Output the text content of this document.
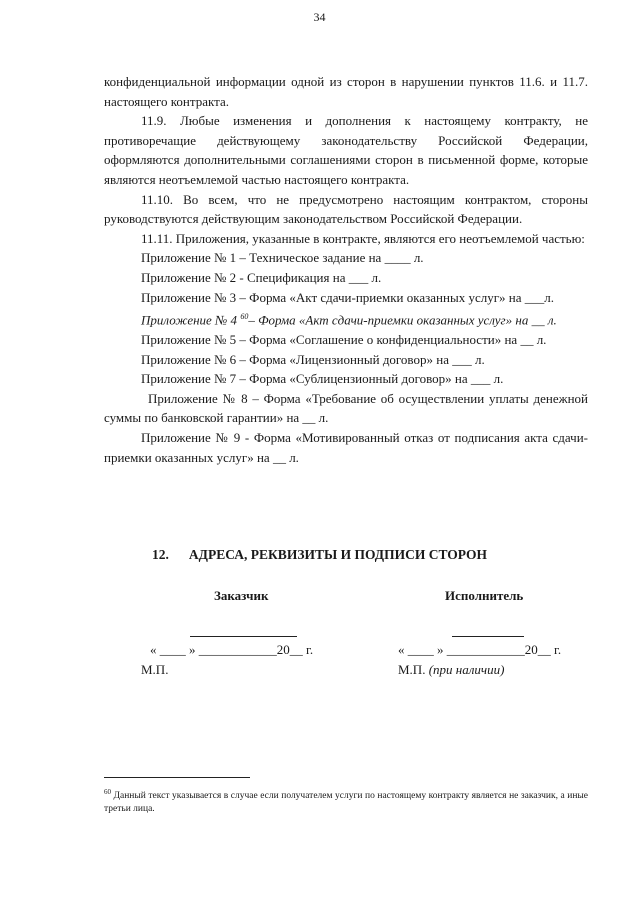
34

конфиденциальной информации одной из сторон в нарушении пунктов 11.6. и 11.7. настоящего контракта.

11.9. Любые изменения и дополнения к настоящему контракту, не противоречащие действующему законодательству Российской Федерации, оформляются дополнительными соглашениями сторон в письменной форме, которые являются неотъемлемой частью настоящего контракта.

11.10. Во всем, что не предусмотрено настоящим контрактом, стороны руководствуются действующим законодательством Российской Федерации.

11.11. Приложения, указанные в контракте, являются его неотъемлемой частью:

Приложение № 1 – Техническое задание на ____ л.

Приложение № 2 - Спецификация на ___ л.

Приложение № 3 – Форма «Акт сдачи-приемки оказанных услуг» на ___л.

Приложение № 4 $^{60}$– Форма «Акт сдачи-приемки оказанных услуг» на __ л.

Приложение № 5 – Форма «Соглашение о конфиденциальности» на __ л.

Приложение № 6 – Форма «Лицензионный договор» на ___ л.

Приложение № 7 – Форма «Сублицензионный договор» на ___ л.

Приложение № 8 – Форма «Требование об осуществлении уплаты денежной суммы по банковской гарантии» на __ л.

Приложение № 9 - Форма «Мотивированный отказ от подписания акта сдачи-приемки оказанных услуг» на __ л.

12. АДРЕСА, РЕКВИЗИТЫ И ПОДПИСИ СТОРОН
Заказчик	Исполнитель
« ____ » ____________20__ г.	« ____ » ____________20__ г.
М.П.	М.П. (при наличии)
$^{60}$ Данный текст указывается в случае если получателем услуги по настоящему контракту является не заказчик, а иные третьи лица.
